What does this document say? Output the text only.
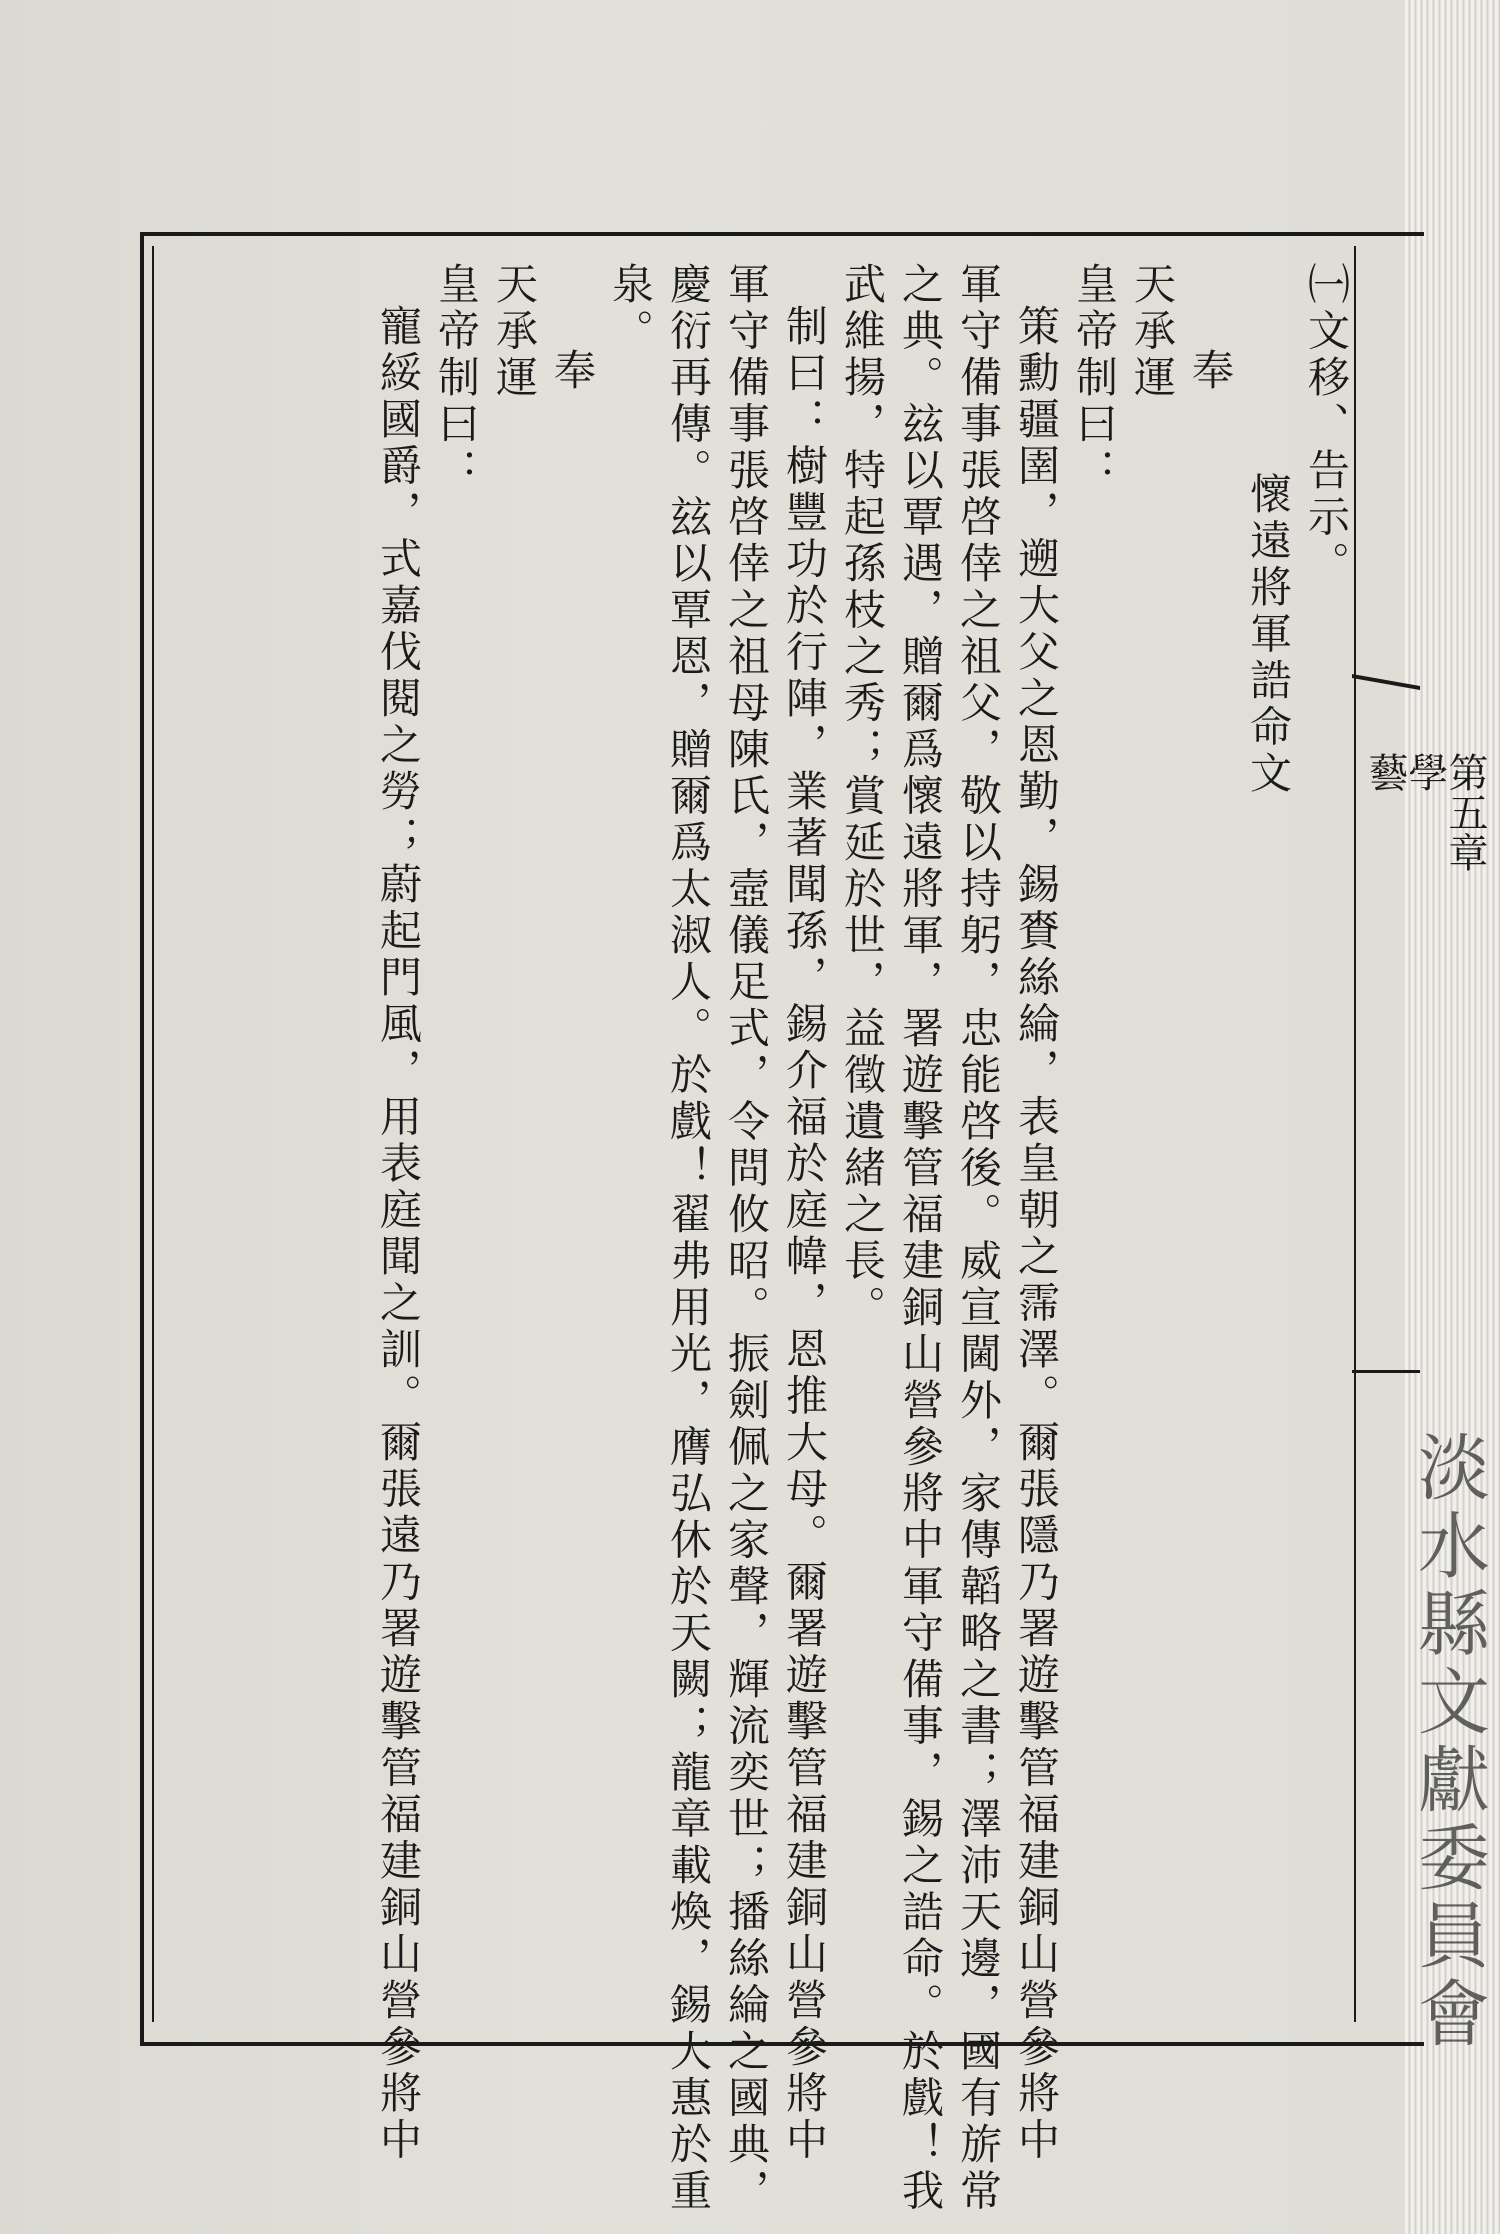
淡水縣文獻委員會
第五章
學
藝
㈠文移、告示。
懷遠將軍誥命文
奉
天承運
皇帝制曰：
策勳疆圉，遡大父之恩勤，錫賚絲綸，表皇朝之霈澤。爾張隱乃署遊擊管福建銅山營參將中
軍守備事張啓倖之祖父，敬以持躬，忠能啓後。威宣閫外，家傳韜略之書；澤沛天邊，國有旂常
之典。玆以覃遇，贈爾爲懷遠將軍，署遊擊管福建銅山營參將中軍守備事，錫之誥命。於戲！我
武維揚，特起孫枝之秀；賞延於世，益徵遺緒之長。
制曰：樹豐功於行陣，業著聞孫，錫介福於庭幃，恩推大母。爾署遊擊管福建銅山營參將中
軍守備事張啓倖之祖母陳氏，壼儀足式，令問攸昭。振劍佩之家聲，輝流奕世；播絲綸之國典，
慶衍再傳。玆以覃恩，贈爾爲太淑人。於戲！翟弗用光，膺弘休於天闕；龍章載煥，錫大惠於重
泉。
奉
天承運
皇帝制曰：
寵綏國爵，式嘉伐閱之勞；蔚起門風，用表庭聞之訓。爾張遠乃署遊擊管福建銅山營參將中
